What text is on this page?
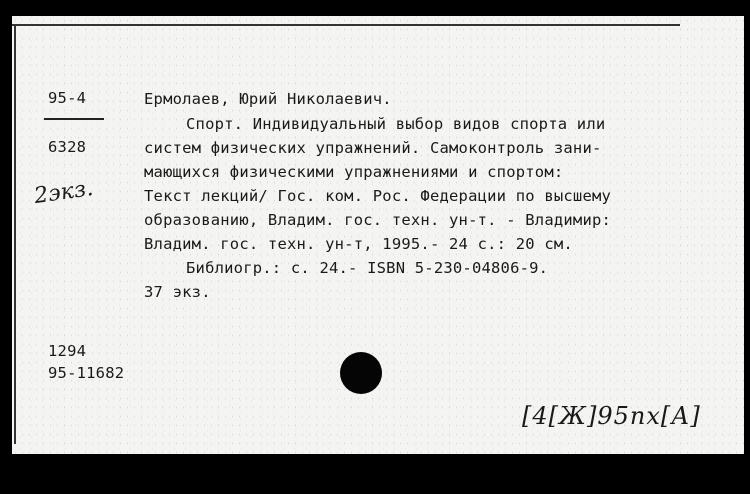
95-4
6328
2экз.
Ермолаев, Юрий Николаевич.
Спорт. Индивидуальный выбор видов спорта или
систем физических упражнений. Самоконтроль зани-
мающихся физическими упражнениями и спортом:
Текст лекций/ Гос. ком. Рос. Федерации по высшему
образованию, Владим. гос. техн. ун-т. - Владимир:
Владим. гос. техн. ун-т, 1995.- 24 с.: 20 см.
Библиогр.: с. 24.- ISBN 5-230-04806-9.
37 экз.
1294
95-11682
[4[Ж]95пх[А]
